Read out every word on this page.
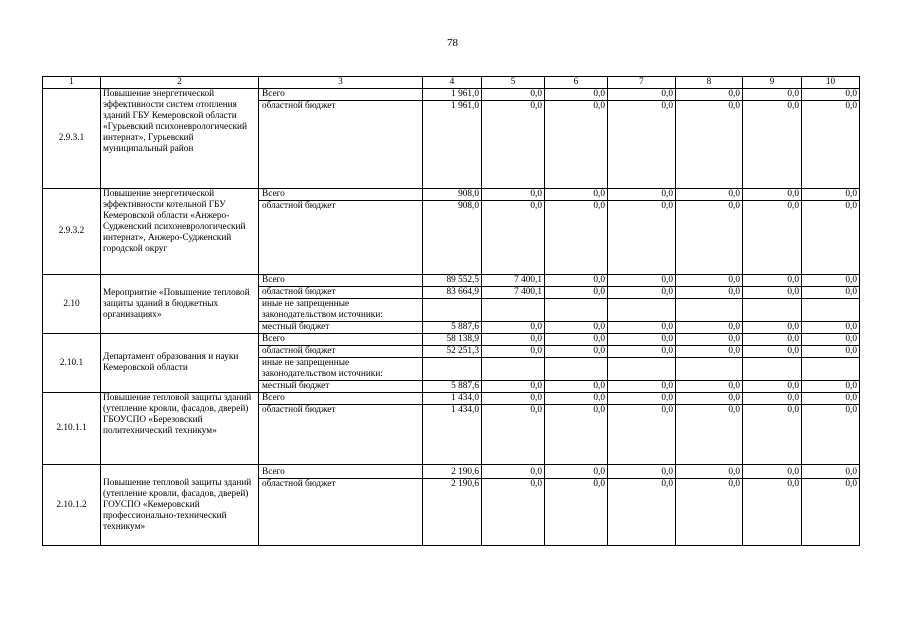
78
1	2	3	4	5	6	7	8	9	10
2.9.3.1	Повышение энергетической эффективности систем отопления зданий ГБУ Кемеровской области «Гурьевский психоневрологический интернат», Гурьевский муниципальный район	Всего	1 961,0	0,0	0,0	0,0	0,0	0,0	0,0
		областной бюджет	1 961,0	0,0	0,0	0,0	0,0	0,0	0,0
2.9.3.2	Повышение энергетической эффективности котельной ГБУ Кемеровской области «Анжеро-Судженский психоневрологический интернат», Анжеро-Судженский городской округ	Всего	908,0	0,0	0,0	0,0	0,0	0,0	0,0
		областной бюджет	908,0	0,0	0,0	0,0	0,0	0,0	0,0
2.10	Мероприятие «Повышение тепловой защиты зданий в бюджетных организациях»	Всего	89 552,5	7 400,1	0,0	0,0	0,0	0,0	0,0
		областной бюджет	83 664,9	7 400,1	0,0	0,0	0,0	0,0	0,0

		иные не запрещенные
законодательством источники:							

		местный бюджет	5 887,6	0,0	0,0	0,0	0,0	0,0	0,0
2.10.1	Департамент образования и науки Кемеровской области	Всего	58 138,9	0,0	0,0	0,0	0,0	0,0	0,0
		областной бюджет	52 251,3	0,0	0,0	0,0	0,0	0,0	0,0

		иные не запрещенные
законодательством источники:							

		местный бюджет	5 887,6	0,0	0,0	0,0	0,0	0,0	0,0
2.10.1.1	Повышение тепловой защиты зданий (утепление кровли, фасадов, дверей) ГБОУСПО «Березовский политехнический техникум»	Всего	1 434,0	0,0	0,0	0,0	0,0	0,0	0,0
		областной бюджет	1 434,0	0,0	0,0	0,0	0,0	0,0	0,0
2.10.1.2	Повышение тепловой защиты зданий (утепление кровли, фасадов, дверей) ГОУСПО «Кемеровский профессионально-технический техникум»	Всего	2 190,6	0,0	0,0	0,0	0,0	0,0	0,0
		областной бюджет	2 190,6	0,0	0,0	0,0	0,0	0,0	0,0
